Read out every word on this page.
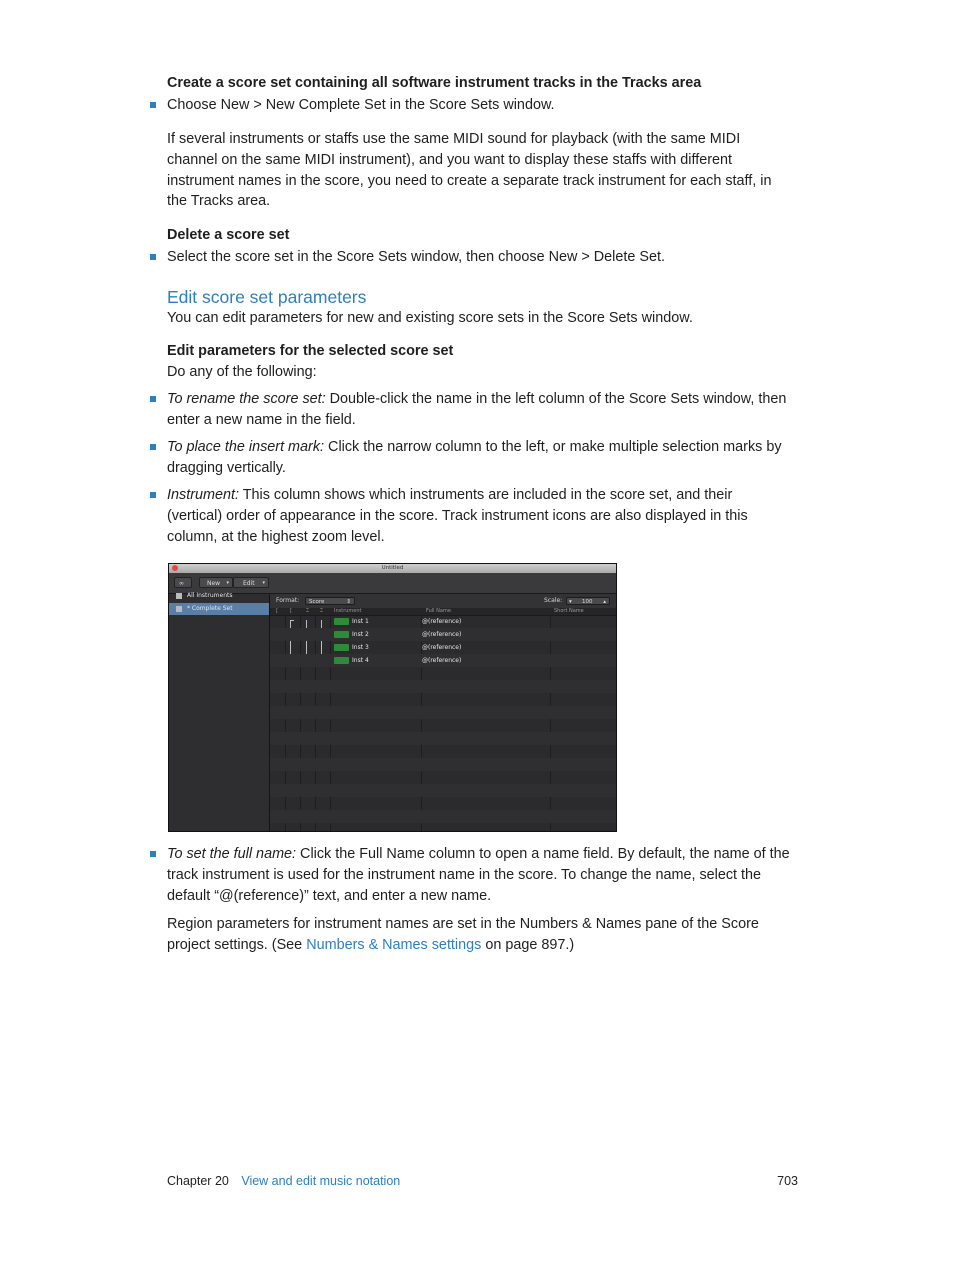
Create a score set containing all software instrument tracks in the Tracks area
Choose New > New Complete Set in the Score Sets window.
If several instruments or staffs use the same MIDI sound for playback (with the same MIDI
channel on the same MIDI instrument), and you want to display these staffs with different
instrument names in the score, you need to create a separate track instrument for each staff, in
the Tracks area.
Delete a score set
Select the score set in the Score Sets window, then choose New > Delete Set.
Edit score set parameters
You can edit parameters for new and existing score sets in the Score Sets window.
Edit parameters for the selected score set
Do any of the following:
To rename the score set: Double-click the name in the left column of the Score Sets window, then
enter a new name in the field.
To place the insert mark: Click the narrow column to the left, or make multiple selection marks by
dragging vertically.
Instrument: This column shows which instruments are included in the score set, and their
(vertical) order of appearance in the score. Track instrument icons are also displayed in this
column, at the highest zoom level.
Untitled
∞	New ▾	Edit ▾
All Instruments
* Complete Set
Format:	Score	⇕	Scale: ▾ 100 ▴
[ [	⌶ ⌶ Instrument	Full Name	Short Name
Inst 1	@(reference)
Inst 2	@(reference)
Inst 3	@(reference)
Inst 4	@(reference)
To set the full name: Click the Full Name column to open a name field. By default, the name of the
track instrument is used for the instrument name in the score. To change the name, select the
default “@(reference)” text, and enter a new name.
Region parameters for instrument names are set in the Numbers & Names pane of the Score
project settings. (See Numbers & Names settings on page 897.)
Chapter 20 View and edit music notation	703
